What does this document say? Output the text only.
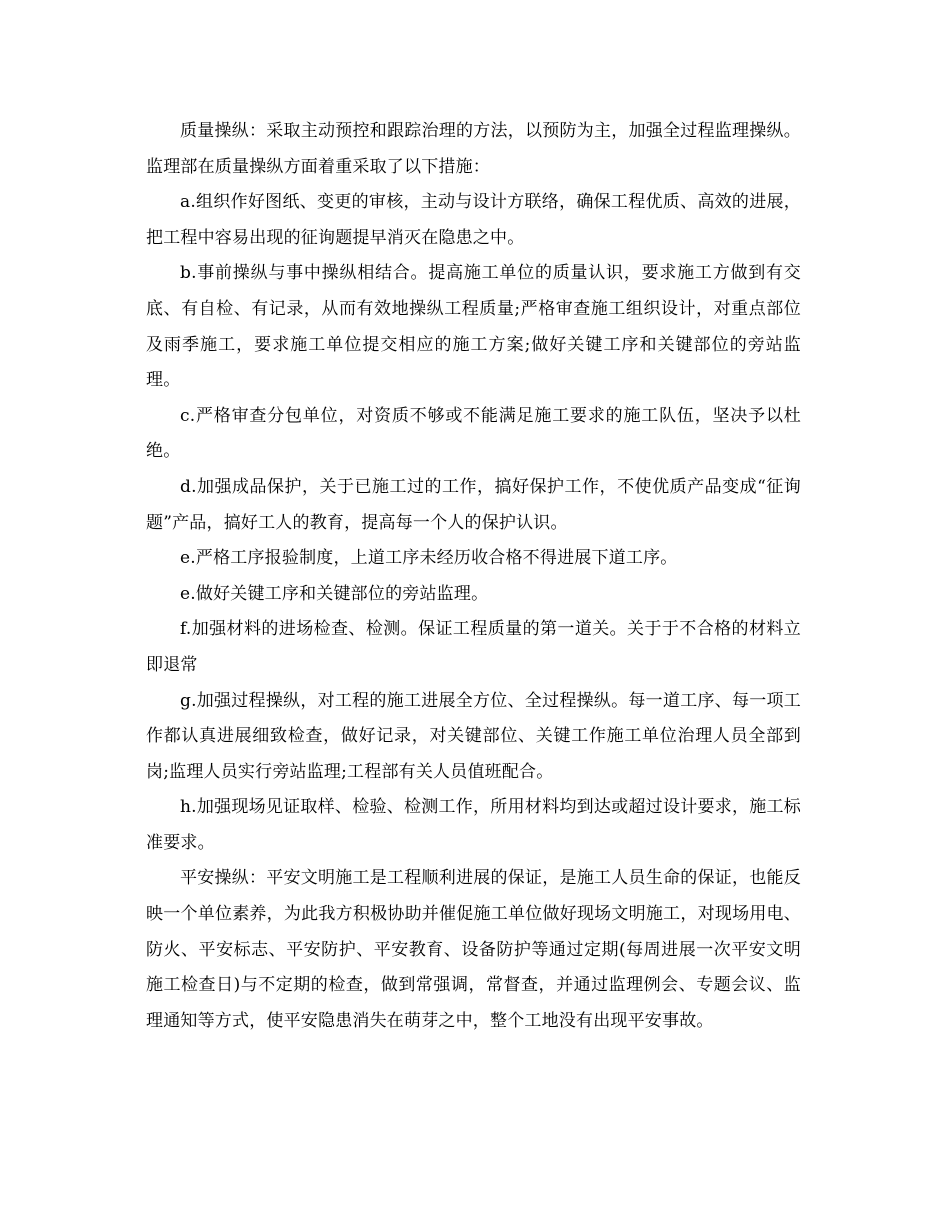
质量操纵：采取主动预控和跟踪治理的方法，以预防为主，加强全过程监理操纵。监理部在质量操纵方面着重采取了以下措施：

a.组织作好图纸、变更的审核，主动与设计方联络，确保工程优质、高效的进展，把工程中容易出现的征询题提早消灭在隐患之中。

b.事前操纵与事中操纵相结合。提高施工单位的质量认识，要求施工方做到有交底、有自检、有记录，从而有效地操纵工程质量;严格审查施工组织设计，对重点部位及雨季施工，要求施工单位提交相应的施工方案;做好关键工序和关键部位的旁站监理。

c.严格审查分包单位，对资质不够或不能满足施工要求的施工队伍，坚决予以杜绝。

d.加强成品保护，关于已施工过的工作，搞好保护工作，不使优质产品变成“征询题”产品，搞好工人的教育，提高每一个人的保护认识。

e.严格工序报验制度，上道工序未经历收合格不得进展下道工序。

e.做好关键工序和关键部位的旁站监理。

f.加强材料的进场检查、检测。保证工程质量的第一道关。关于于不合格的材料立即退常

g.加强过程操纵，对工程的施工进展全方位、全过程操纵。每一道工序、每一项工作都认真进展细致检查，做好记录，对关键部位、关键工作施工单位治理人员全部到岗;监理人员实行旁站监理;工程部有关人员值班配合。

h.加强现场见证取样、检验、检测工作，所用材料均到达或超过设计要求，施工标准要求。

平安操纵：平安文明施工是工程顺利进展的保证，是施工人员生命的保证，也能反映一个单位素养，为此我方积极协助并催促施工单位做好现场文明施工，对现场用电、防火、平安标志、平安防护、平安教育、设备防护等通过定期(每周进展一次平安文明施工检查日)与不定期的检查，做到常强调，常督查，并通过监理例会、专题会议、监理通知等方式，使平安隐患消失在萌芽之中，整个工地没有出现平安事故。
